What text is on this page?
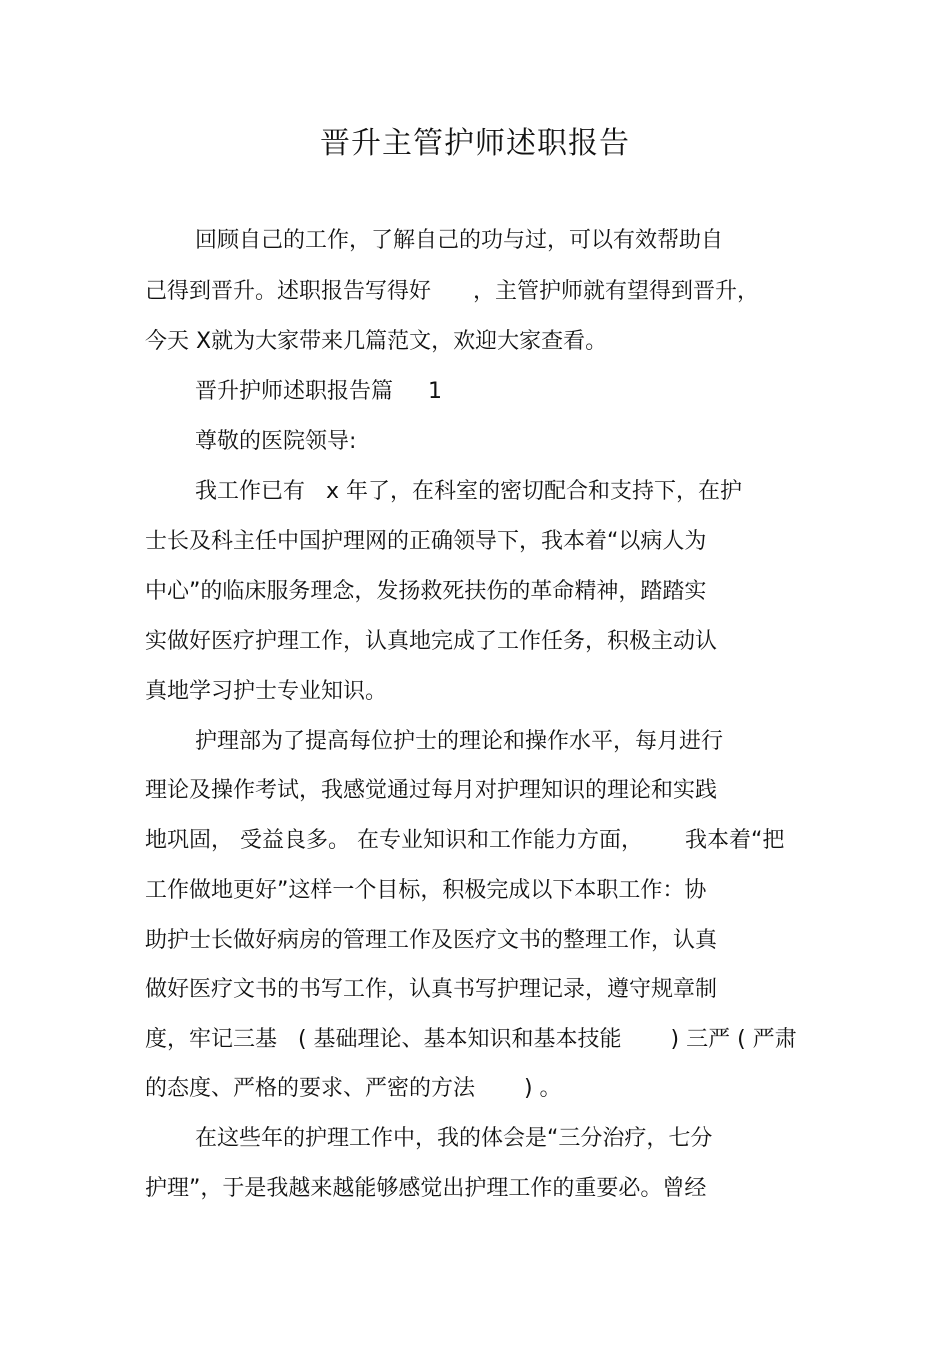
晋升主管护师述职报告

回顾自己的工作，了解自己的功与过，可以有效帮助自

己得到晋升。述职报告写得好      ，主管护师就有望得到晋升，

今天 X就为大家带来几篇范文，欢迎大家查看。

晋升护师述职报告篇     1

尊敬的医院领导:

我工作已有   x 年了，在科室的密切配合和支持下，在护

士长及科主任中国护理网的正确领导下，我本着“以病人为

中心”的临床服务理念，发扬救死扶伤的革命精神，踏踏实

实做好医疗护理工作，认真地完成了工作任务，积极主动认

真地学习护士专业知识。

护理部为了提高每位护士的理论和操作水平，每月进行

理论及操作考试，我感觉通过每月对护理知识的理论和实践

地巩固， 受益良多。 在专业知识和工作能力方面，      我本着“把

工作做地更好”这样一个目标，积极完成以下本职工作：协

助护士长做好病房的管理工作及医疗文书的整理工作，认真

做好医疗文书的书写工作，认真书写护理记录，遵守规章制

度，牢记三基   ( 基础理论、基本知识和基本技能       ) 三严 ( 严肃

的态度、严格的要求、严密的方法       ) 。

在这些年的护理工作中，我的体会是“三分治疗，七分

护理”，于是我越来越能够感觉出护理工作的重要必。曾经
